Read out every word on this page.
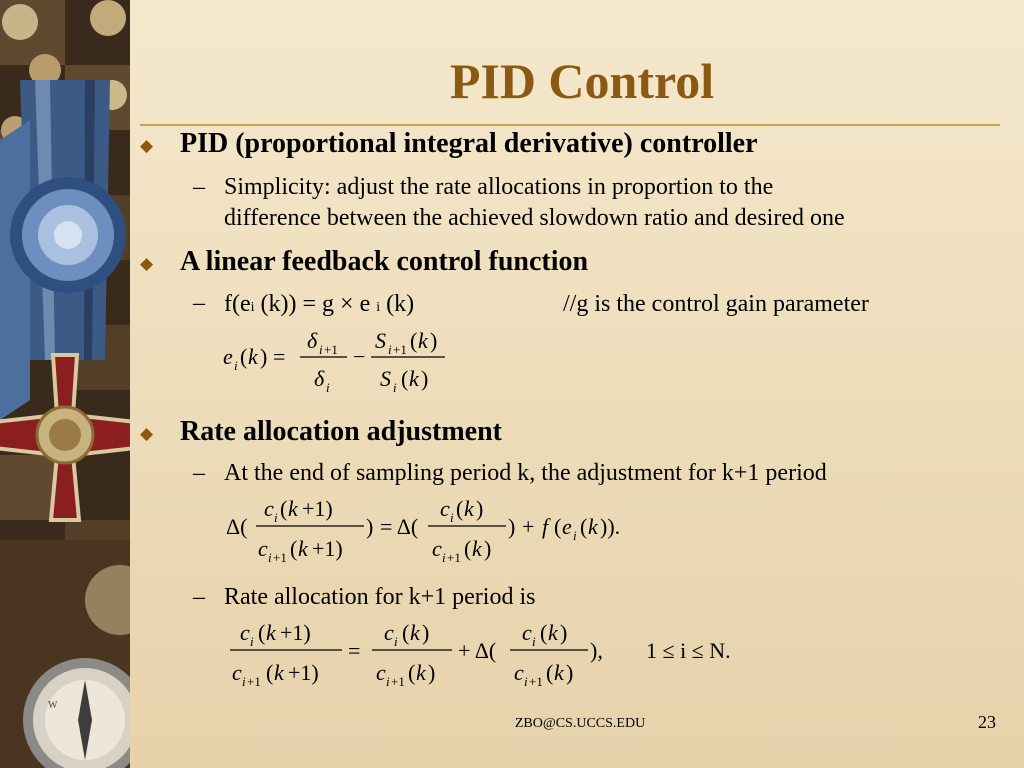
W
PID Control
◆ PID (proportional integral derivative) controller
– Simplicity: adjust the rate allocations in proportion to the
difference between the achieved slowdown ratio and desired one
◆ A linear feedback control function
– f(ei (k)) = g × e i (k)	//g is the control gain parameter
e i ( k ) =
δ i +1
δ i
−
S i +1 ( k )
S i ( k )
◆ Rate allocation adjustment
– At the end of sampling period k, the adjustment for k+1 period
Δ(
c i ( k +1)
c i +1 ( k +1)
) = Δ(
c i ( k )
c i +1 ( k )
) + f ( e i ( k )).
– Rate allocation for k+1 period is
c i ( k +1)
c i +1 ( k +1)
=
c i ( k )
c i +1 ( k )
+ Δ(
c i ( k )
c i +1 ( k )
), 1 ≤ i ≤ N.
ZBO@CS.UCCS.EDU	23
